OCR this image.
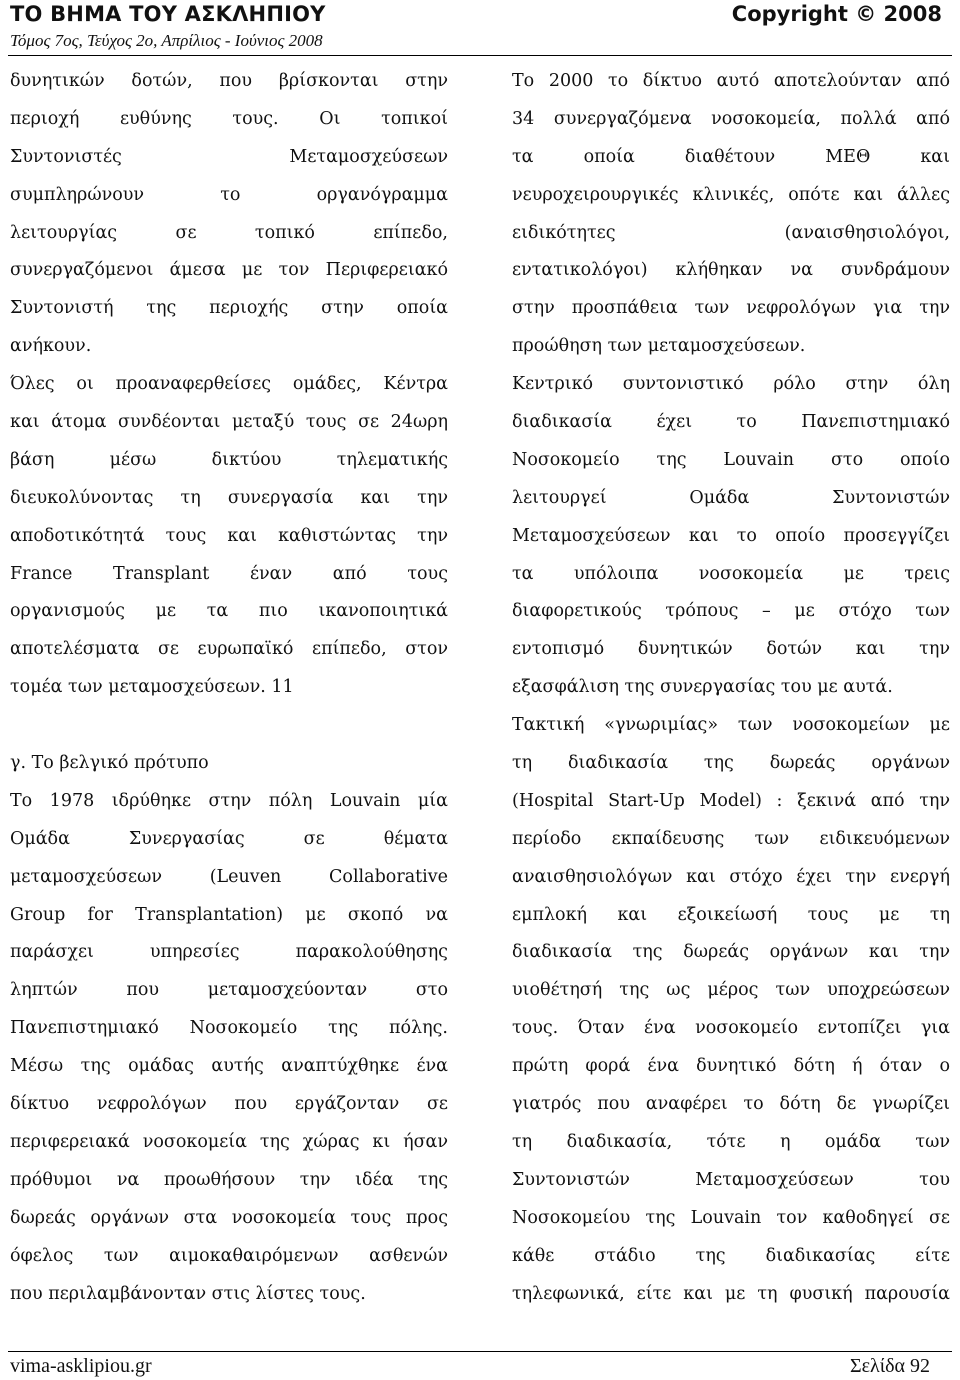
ΤΟ ΒΗΜΑ ΤΟΥ ΑΣΚΛΗΠΙΟΥ	Copyright © 2008
Τόμος 7ος, Τεύχος 2ο, Απρίλιος - Ιούνιος 2008
δυνητικών δοτών, που βρίσκονται στην
περιοχή ευθύνης τους. Οι τοπικοί
Συντονιστές Μεταμοσχεύσεων
συμπληρώνουν το οργανόγραμμα
λειτουργίας σε τοπικό επίπεδο,
συνεργαζόμενοι άμεσα με τον Περιφερειακό
Συντονιστή της περιοχής στην οποία
ανήκουν.
Όλες οι προαναφερθείσες ομάδες, Κέντρα
και άτομα συνδέονται μεταξύ τους σε 24ωρη
βάση μέσω δικτύου τηλεματικής
διευκολύνοντας τη συνεργασία και την
αποδοτικότητά τους και καθιστώντας την
France Transplant έναν από τους
οργανισμούς με τα πιο ικανοποιητικά
αποτελέσματα σε ευρωπαϊκό επίπεδο, στον
τομέα των μεταμοσχεύσεων. 11
γ. Το βελγικό πρότυπο
Το 1978 ιδρύθηκε στην πόλη Louvain μία
Ομάδα Συνεργασίας σε θέματα
μεταμοσχεύσεων (Leuven Collaborative
Group for Transplantation) με σκοπό να
παράσχει υπηρεσίες παρακολούθησης
ληπτών που μεταμοσχεύονταν στο
Πανεπιστημιακό Νοσοκομείο της πόλης.
Μέσω της ομάδας αυτής αναπτύχθηκε ένα
δίκτυο νεφρολόγων που εργάζονταν σε
περιφερειακά νοσοκομεία της χώρας κι ήσαν
πρόθυμοι να προωθήσουν την ιδέα της
δωρεάς οργάνων στα νοσοκομεία τους προς
όφελος των αιμοκαθαιρόμενων ασθενών
που περιλαμβάνονταν στις λίστες τους.
Το 2000 το δίκτυο αυτό αποτελούνταν από
34 συνεργαζόμενα νοσοκομεία, πολλά από
τα οποία διαθέτουν ΜΕΘ και
νευροχειρουργικές κλινικές, οπότε και άλλες
ειδικότητες (αναισθησιολόγοι,
εντατικολόγοι) κλήθηκαν να συνδράμουν
στην προσπάθεια των νεφρολόγων για την
προώθηση των μεταμοσχεύσεων.
Κεντρικό συντονιστικό ρόλο στην όλη
διαδικασία έχει το Πανεπιστημιακό
Νοσοκομείο της Louvain στο οποίο
λειτουργεί Ομάδα Συντονιστών
Μεταμοσχεύσεων και το οποίο προσεγγίζει
τα υπόλοιπα νοσοκομεία με τρεις
διαφορετικούς τρόπους – με στόχο των
εντοπισμό δυνητικών δοτών και την
εξασφάλιση της συνεργασίας του με αυτά.
Τακτική «γνωριμίας» των νοσοκομείων με
τη διαδικασία της δωρεάς οργάνων
(Hospital Start-Up Model) : ξεκινά από την
περίοδο εκπαίδευσης των ειδικευόμενων
αναισθησιολόγων και στόχο έχει την ενεργή
εμπλοκή και εξοικείωσή τους με τη
διαδικασία της δωρεάς οργάνων και την
υιοθέτησή της ως μέρος των υποχρεώσεων
τους. Όταν ένα νοσοκομείο εντοπίζει για
πρώτη φορά ένα δυνητικό δότη ή όταν ο
γιατρός που αναφέρει το δότη δε γνωρίζει
τη διαδικασία, τότε η ομάδα των
Συντονιστών Μεταμοσχεύσεων του
Νοσοκομείου της Louvain τον καθοδηγεί σε
κάθε στάδιο της διαδικασίας είτε
τηλεφωνικά, είτε και με τη φυσική παρουσία
vima-asklipiou.gr	Σελίδα 92
